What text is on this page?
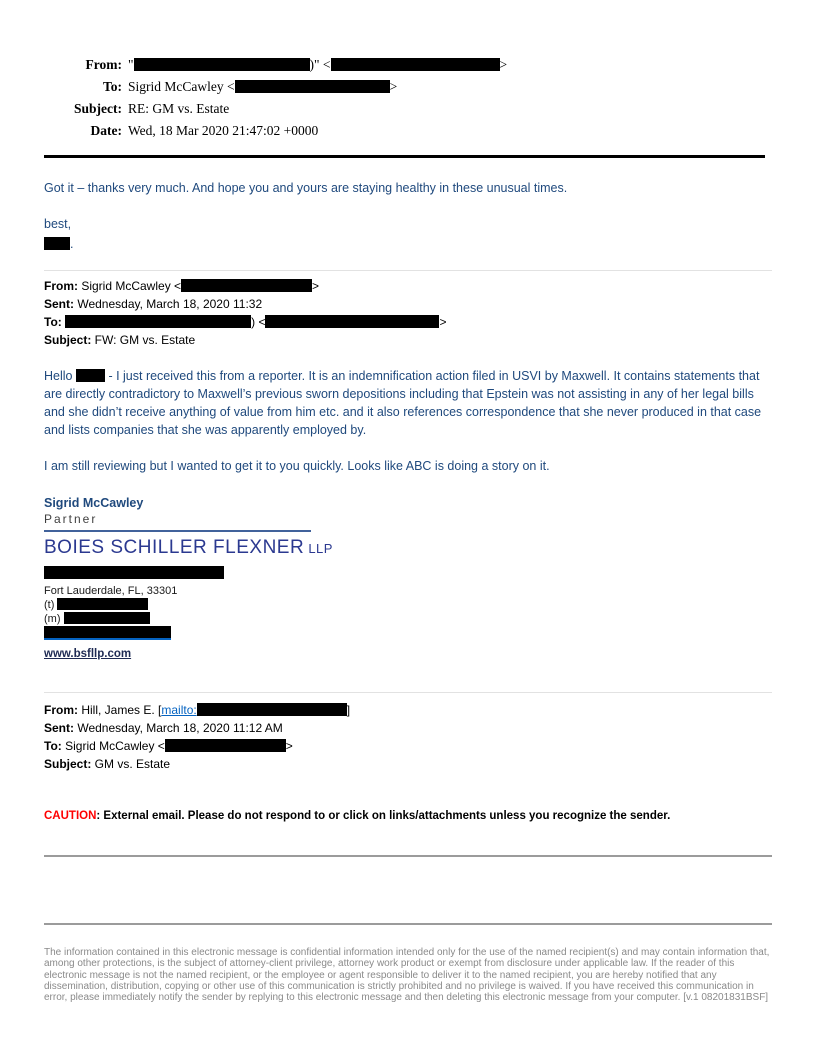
From: "	)" <	>
To: Sigrid McCawley <	>
Subject: RE: GM vs. Estate
Date: Wed, 18 Mar 2020 21:47:02 +0000
Got it – thanks very much. And hope you and yours are staying healthy in these unusual times.
best,
.
From: Sigrid McCawley <	>
Sent: Wednesday, March 18, 2020 11:32
To:	) <	>
Subject: FW: GM vs. Estate

Hello  - I just received this from a reporter. It is an indemnification action filed in USVI by Maxwell. It contains statements that are directly contradictory to Maxwell’s previous sworn depositions including that Epstein was not assisting in any of her legal bills and she didn’t receive anything of value from him etc. and it also references correspondence that she never produced in that case and lists companies that she was apparently employed by.

I am still reviewing but I wanted to get it to you quickly. Looks like ABC is doing a story on it.

Sigrid McCawley
Partner
BOIES SCHILLER FLEXNER LLP
Fort Lauderdale, FL, 33301
(t)
(m)
www.bsfllp.com
From: Hill, James E. [mailto:	]
Sent: Wednesday, March 18, 2020 11:12 AM
To: Sigrid McCawley <	>
Subject: GM vs. Estate
CAUTION: External email. Please do not respond to or click on links/attachments unless you recognize the sender.
The information contained in this electronic message is confidential information intended only for the use of the named recipient(s) and may contain information that, among other protections, is the subject of attorney-client privilege, attorney work product or exempt from disclosure under applicable law. If the reader of this electronic message is not the named recipient, or the employee or agent responsible to deliver it to the named recipient, you are hereby notified that any dissemination, distribution, copying or other use of this communication is strictly prohibited and no privilege is waived. If you have received this communication in error, please immediately notify the sender by replying to this electronic message and then deleting this electronic message from your computer. [v.1 08201831BSF]
